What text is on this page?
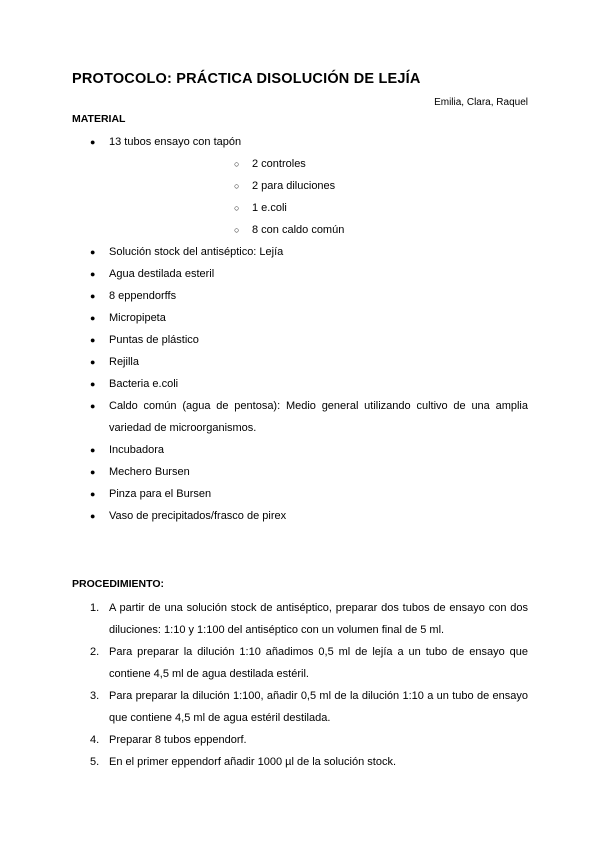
PROTOCOLO: PRÁCTICA DISOLUCIÓN DE LEJÍA
Emilia, Clara, Raquel
MATERIAL
● 13 tubos ensayo con tapón
○ 2 controles
○ 2 para diluciones
○ 1 e.coli
○ 8 con caldo común
● Solución stock del antiséptico: Lejía
● Agua destilada esteril
● 8 eppendorffs
● Micropipeta
● Puntas de plástico
● Rejilla
● Bacteria e.coli
● Caldo común (agua de pentosa): Medio general utilizando cultivo de una amplia variedad de microorganismos.
● Incubadora
● Mechero Bursen
● Pinza para el Bursen
● Vaso de precipitados/frasco de pirex
PROCEDIMIENTO:
1. A partir de una solución stock de antiséptico, preparar dos tubos de ensayo con dos diluciones: 1:10 y 1:100 del antiséptico con un volumen final de 5 ml.
2. Para preparar la dilución 1:10 añadimos 0,5 ml de lejía a un tubo de ensayo que contiene 4,5 ml de agua destilada estéril.
3. Para preparar la dilución 1:100, añadir 0,5 ml de la dilución 1:10 a un tubo de ensayo que contiene 4,5 ml de agua estéril destilada.
4. Preparar 8 tubos eppendorf.
5. En el primer eppendorf añadir 1000 µl de la solución stock.
